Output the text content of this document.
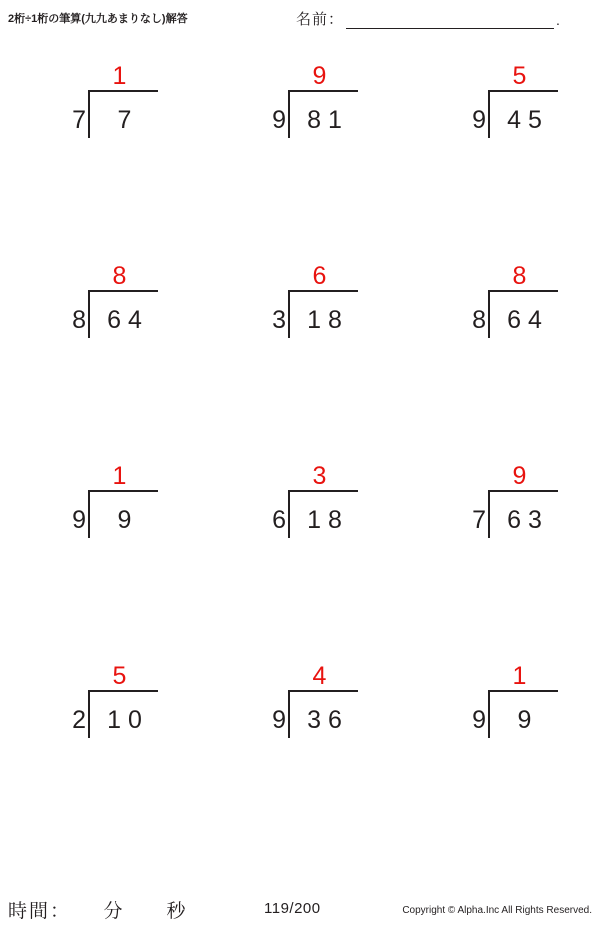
2桁÷1桁の筆算(九九あまりなし)解答	名前：	.
7	7
1
9 81
9
9 45
5
8 64
8
3 18
6
8 64
8
9	9
1
6 18
3
7 63
9
2 10
5
9 36
4
9	9
1
時間：　　分　　秒	119/200	Copyright © Alpha.Inc All Rights Reserved.
